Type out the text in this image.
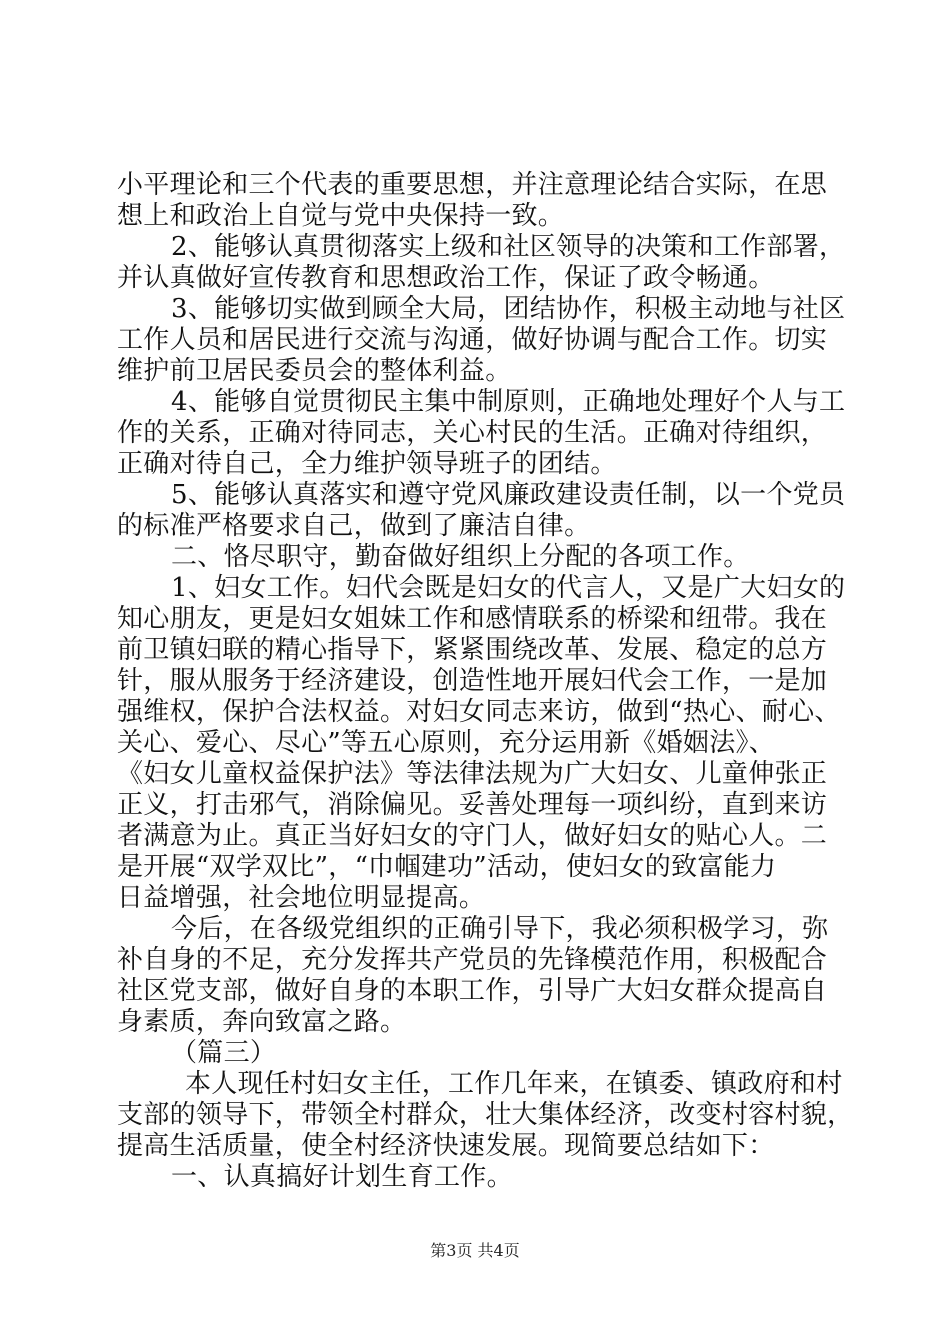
小平理论和三个代表的重要思想，并注意理论结合实际，在思
想上和政治上自觉与党中央保持一致。
2、能够认真贯彻落实上级和社区领导的决策和工作部署，
并认真做好宣传教育和思想政治工作，保证了政令畅通。
3、能够切实做到顾全大局，团结协作，积极主动地与社区
工作人员和居民进行交流与沟通，做好协调与配合工作。切实
维护前卫居民委员会的整体利益。
4、能够自觉贯彻民主集中制原则，正确地处理好个人与工
作的关系，正确对待同志，关心村民的生活。正确对待组织，
正确对待自己，全力维护领导班子的团结。
5、能够认真落实和遵守党风廉政建设责任制，以一个党员
的标准严格要求自己，做到了廉洁自律。
二、恪尽职守，勤奋做好组织上分配的各项工作。
1、妇女工作。妇代会既是妇女的代言人，又是广大妇女的
知心朋友，更是妇女姐妹工作和感情联系的桥梁和纽带。我在
前卫镇妇联的精心指导下，紧紧围绕改革、发展、稳定的总方
针，服从服务于经济建设，创造性地开展妇代会工作，一是加
强维权，保护合法权益。对妇女同志来访，做到“热心、耐心、
关心、爱心、尽心”等五心原则，充分运用新《婚姻法》、
《妇女儿童权益保护法》等法律法规为广大妇女、儿童伸张正
正义，打击邪气，消除偏见。妥善处理每一项纠纷，直到来访
者满意为止。真正当好妇女的守门人，做好妇女的贴心人。二
是开展“双学双比”，“巾帼建功”活动，使妇女的致富能力
日益增强，社会地位明显提高。
今后，在各级党组织的正确引导下，我必须积极学习，弥
补自身的不足，充分发挥共产党员的先锋模范作用，积极配合
社区党支部，做好自身的本职工作，引导广大妇女群众提高自
身素质，奔向致富之路。
（篇三）
本人现任村妇女主任，工作几年来，在镇委、镇政府和村
支部的领导下，带领全村群众，壮大集体经济，改变村容村貌，
提高生活质量，使全村经济快速发展。现简要总结如下：
一、认真搞好计划生育工作。
第3页 共4页
